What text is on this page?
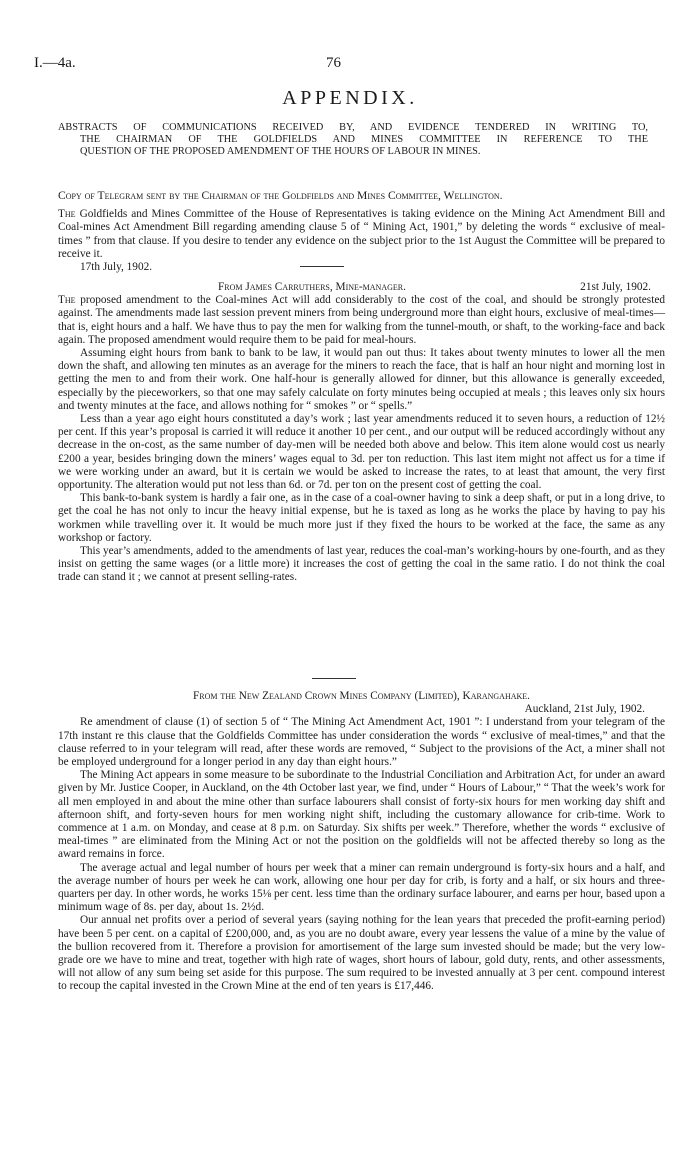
I.—4a.	76
APPENDIX.
ABSTRACTS OF COMMUNICATIONS RECEIVED BY, AND EVIDENCE TENDERED IN WRITING TO,
THE CHAIRMAN OF THE GOLDFIELDS AND MINES COMMITTEE IN REFERENCE TO THE
QUESTION OF THE PROPOSED AMENDMENT OF THE HOURS OF LABOUR IN MINES.

Copy of Telegram sent by the Chairman of the Goldfields and Mines Committee, Wellington.

The Goldfields and Mines Committee of the House of Representatives is taking evidence on the Mining Act Amendment Bill and Coal-mines Act Amendment Bill regarding amending clause 5 of “ Mining Act, 1901,” by deleting the words “ exclusive of meal-times ” from that clause. If you desire to tender any evidence on the subject prior to the 1st August the Committee will be prepared to receive it.

17th July, 1902.

From James Carruthers, Mine-manager.	21st July, 1902.

The proposed amendment to the Coal-mines Act will add considerably to the cost of the coal, and should be strongly protested against. The amendments made last session prevent miners from being underground more than eight hours, exclusive of meal-times—that is, eight hours and a half. We have thus to pay the men for walking from the tunnel-mouth, or shaft, to the working-face and back again. The proposed amendment would require them to be paid for meal-hours.

Assuming eight hours from bank to bank to be law, it would pan out thus: It takes about twenty minutes to lower all the men down the shaft, and allowing ten minutes as an average for the miners to reach the face, that is half an hour night and morning lost in getting the men to and from their work. One half-hour is generally allowed for dinner, but this allowance is generally exceeded, especially by the pieceworkers, so that one may safely calculate on forty minutes being occupied at meals ; this leaves only six hours and twenty minutes at the face, and allows nothing for “ smokes ” or “ spells.”

Less than a year ago eight hours constituted a day’s work ; last year amendments reduced it to seven hours, a reduction of 12½ per cent. If this year’s proposal is carried it will reduce it another 10 per cent., and our output will be reduced accordingly without any decrease in the on-cost, as the same number of day-men will be needed both above and below. This item alone would cost us nearly £200 a year, besides bringing down the miners’ wages equal to 3d. per ton reduction. This last item might not affect us for a time if we were working under an award, but it is certain we would be asked to increase the rates, to at least that amount, the very first opportunity. The alteration would put not less than 6d. or 7d. per ton on the present cost of getting the coal.

This bank-to-bank system is hardly a fair one, as in the case of a coal-owner having to sink a deep shaft, or put in a long drive, to get the coal he has not only to incur the heavy initial expense, but he is taxed as long as he works the place by having to pay his workmen while travelling over it. It would be much more just if they fixed the hours to be worked at the face, the same as any workshop or factory.

This year’s amendments, added to the amendments of last year, reduces the coal-man’s working-hours by one-fourth, and as they insist on getting the same wages (or a little more) it increases the cost of getting the coal in the same ratio. I do not think the coal trade can stand it ; we cannot at present selling-rates.

From the New Zealand Crown Mines Company (Limited), Karangahake.

Auckland, 21st July, 1902.

Re amendment of clause (1) of section 5 of “ The Mining Act Amendment Act, 1901 ”: I understand from your telegram of the 17th instant re this clause that the Goldfields Committee has under consideration the words “ exclusive of meal-times,” and that the clause referred to in your telegram will read, after these words are removed, “ Subject to the provisions of the Act, a miner shall not be employed underground for a longer period in any day than eight hours.”

The Mining Act appears in some measure to be subordinate to the Industrial Conciliation and Arbitration Act, for under an award given by Mr. Justice Cooper, in Auckland, on the 4th October last year, we find, under “ Hours of Labour,” “ That the week’s work for all men employed in and about the mine other than surface labourers shall consist of forty-six hours for men working day shift and afternoon shift, and forty-seven hours for men working night shift, including the customary allowance for crib-time. Work to commence at 1 a.m. on Monday, and cease at 8 p.m. on Saturday. Six shifts per week.” Therefore, whether the words “ exclusive of meal-times ” are eliminated from the Mining Act or not the position on the goldfields will not be affected thereby so long as the award remains in force.

The average actual and legal number of hours per week that a miner can remain underground is forty-six hours and a half, and the average number of hours per week he can work, allowing one hour per day for crib, is forty and a half, or six hours and three-quarters per day. In other words, he works 15⅛ per cent. less time than the ordinary surface labourer, and earns per hour, based upon a minimum wage of 8s. per day, about 1s. 2½d.

Our annual net profits over a period of several years (saying nothing for the lean years that preceded the profit-earning period) have been 5 per cent. on a capital of £200,000, and, as you are no doubt aware, every year lessens the value of a mine by the value of the bullion recovered from it. Therefore a provision for amortisement of the large sum invested should be made; but the very low-grade ore we have to mine and treat, together with high rate of wages, short hours of labour, gold duty, rents, and other assessments, will not allow of any sum being set aside for this purpose. The sum required to be invested annually at 3 per cent. compound interest to recoup the capital invested in the Crown Mine at the end of ten years is £17,446.
